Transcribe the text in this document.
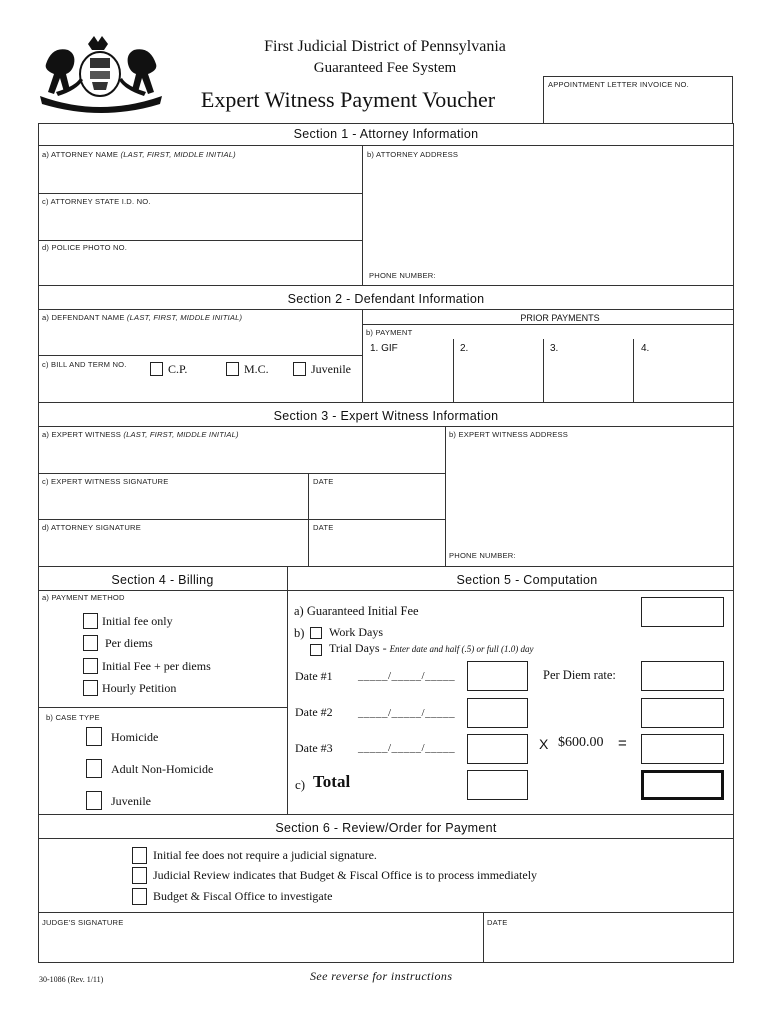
First Judicial District of Pennsylvania
Guaranteed Fee System
Expert Witness Payment Voucher
APPOINTMENT LETTER INVOICE NO.
Section 1 - Attorney Information
a) ATTORNEY NAME (LAST, FIRST, MIDDLE INITIAL)	b) ATTORNEY ADDRESS
c) ATTORNEY STATE I.D. NO.
d) POLICE PHOTO NO.
PHONE NUMBER:
Section 2 - Defendant Information
a) DEFENDANT NAME (LAST, FIRST, MIDDLE INITIAL)	PRIOR PAYMENTS
b) PAYMENT
1. GIF	2.	3.	4.
c) BILL AND TERM NO.	C.P.	M.C.	Juvenile
Section 3 - Expert Witness Information
a) EXPERT WITNESS (LAST, FIRST, MIDDLE INITIAL)	b) EXPERT WITNESS ADDRESS
c) EXPERT WITNESS SIGNATURE	DATE
d) ATTORNEY SIGNATURE	DATE
PHONE NUMBER:
Section 4 - Billing	Section 5 - Computation
a) PAYMENT METHOD
Initial fee only
Per diems
Initial Fee + per diems
Hourly Petition
b) CASE TYPE
Homicide
Adult Non-Homicide
Juvenile
a) Guaranteed Initial Fee
b) Work Days
Trial Days - Enter date and half (.5) or full (1.0) day
Date #1 _____/_____/_____	Per Diem rate:
Date #2 _____/_____/_____
Date #3 _____/_____/_____	X $600.00 =
c) Total
Section 6 - Review/Order for Payment
Initial fee does not require a judicial signature.
Judicial Review indicates that Budget & Fiscal Office is to process immediately
Budget & Fiscal Office to investigate
JUDGE'S SIGNATURE	DATE
30-1086 (Rev. 1/11)	See reverse for instructions
